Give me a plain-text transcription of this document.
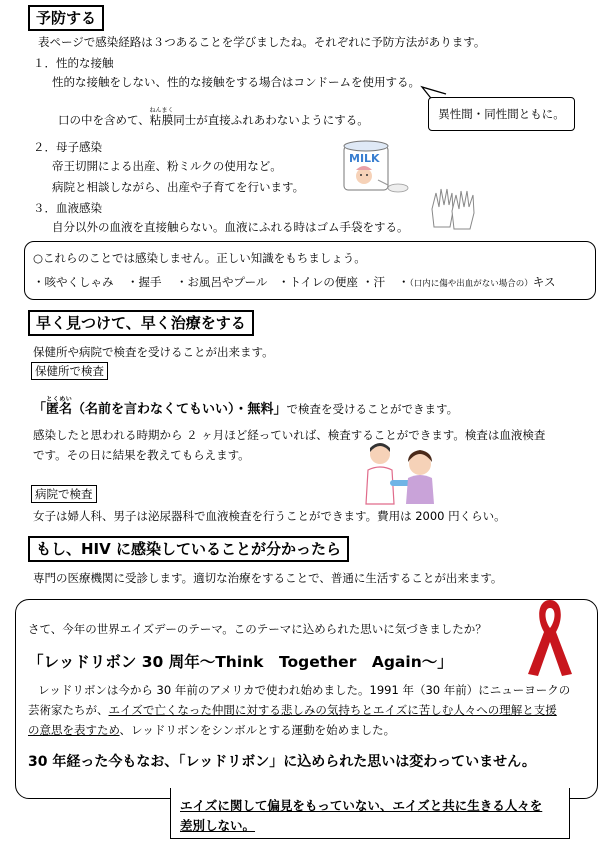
予防する
表ページで感染経路は３つあることを学びましたね。それぞれに予防方法があります。
１．性的な接触
性的な接触をしない、性的な接触をする場合はコンドームを使用する。
口の中を含めて、粘膜ねんまく同士が直接ふれあわないようにする。	異性間・同性間ともに。
２．母子感染
帝王切開による出産、粉ミルクの使用など。
病院と相談しながら、出産や子育てを行います。
MILK
３．血液感染
自分以外の血液を直接触らない。血液にふれる時はゴム手袋をする。
○これらのことでは感染しません。正しい知識をもちましょう。
・咳やくしゃみ ・握手 ・お風呂やプール ・トイレの便座 ・汗 ・（口内に傷や出血がない場合の）キス
早く見つけて、早く治療をする
保健所や病院で検査を受けることが出来ます。
保健所で検査
「匿名とくめい（名前を言わなくてもいい）・無料」で検査を受けることができます。
感染したと思われる時期から ２ ヶ月ほど経っていれば、検査することができます。検査は血液検査
です。その日に結果を教えてもらえます。
病院で検査
女子は婦人科、男子は泌尿器科で血液検査を行うことができます。費用は 2000 円くらい。
もし、HIV に感染していることが分かったら
専門の医療機関に受診します。適切な治療をすることで、普通に生活することが出来ます。
さて、今年の世界エイズデーのテーマ。このテーマに込められた思いに気づきましたか？
「レッドリボン 30 周年～Think　Together　Again～」
レッドリボンは今から 30 年前のアメリカで使われ始めました。1991 年（30 年前）にニューヨークの
芸術家たちが、エイズで亡くなった仲間に対する悲しみの気持ちとエイズに苦しむ人々への理解と支援
の意思を表すため、レッドリボンをシンボルとする運動を始めました。
30 年経った今もなお、「レッドリボン」に込められた思いは変わっていません。
エイズに関して偏見をもっていない、エイズと共に生きる人々を
差別しない。
